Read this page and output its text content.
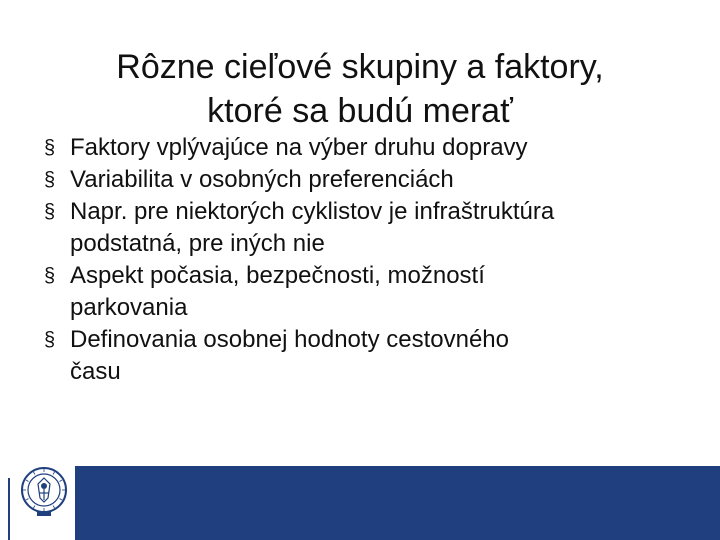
Rôzne cieľové skupiny a faktory,
ktoré sa budú merať
§ Faktory vplývajúce na výber druhu dopravy
§ Variabilita v osobných preferenciách
§ Napr. pre niektorých cyklistov je infraštruktúra
podstatná, pre iných nie
§ Aspekt počasia, bezpečnosti, možností
parkovania
§ Definovania osobnej hodnoty cestovného
času
